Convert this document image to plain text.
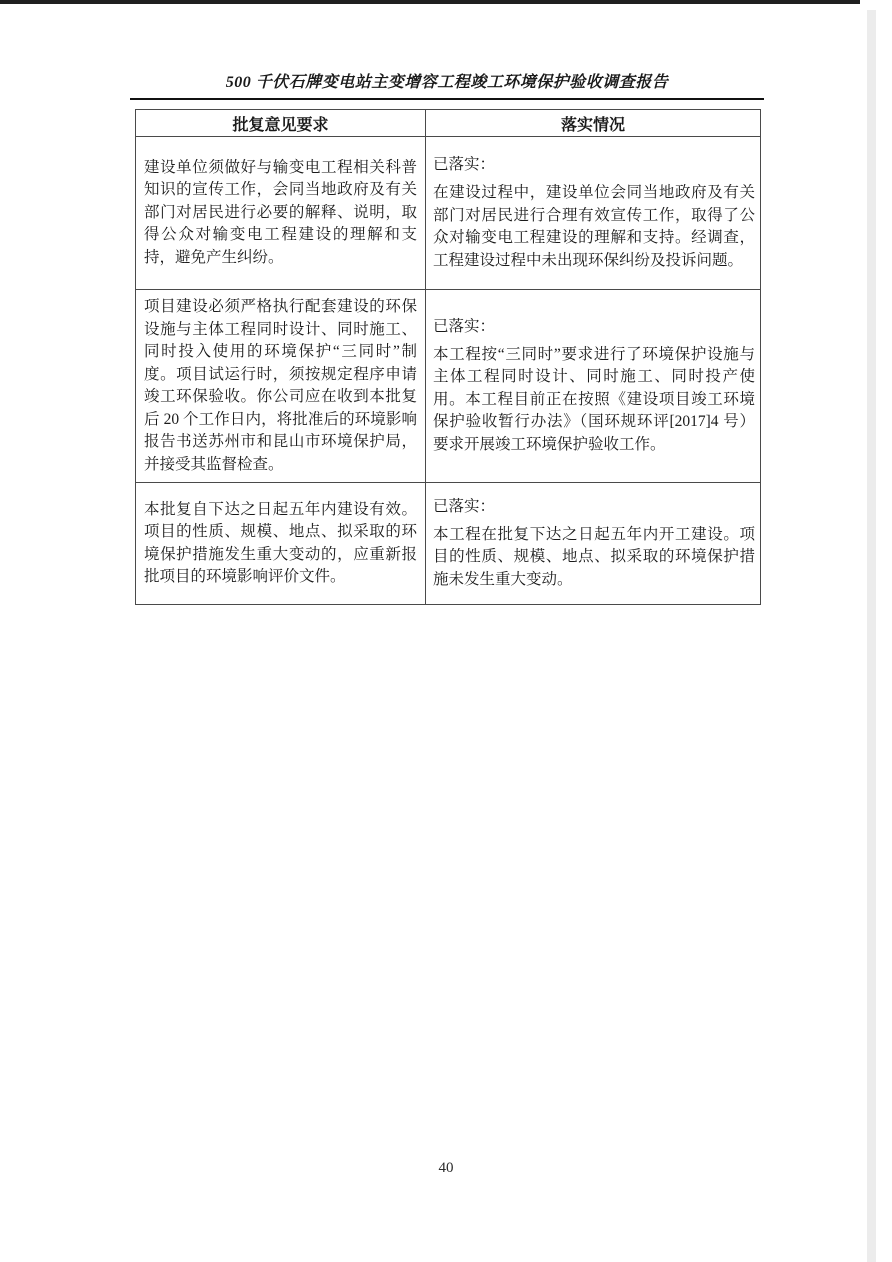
500 千伏石牌变电站主变增容工程竣工环境保护验收调查报告
批复意见要求	落实情况
建设单位须做好与输变电工程相关科普知识的宣传工作，会同当地政府及有关部门对居民进行必要的解释、说明，取得公众对输变电工程建设的理解和支持，避免产生纠纷。	已落实：
在建设过程中，建设单位会同当地政府及有关部门对居民进行合理有效宣传工作，取得了公众对输变电工程建设的理解和支持。经调查，工程建设过程中未出现环保纠纷及投诉问题。

项目建设必须严格执行配套建设的环保设施与主体工程同时设计、同时施工、同时投入使用的环境保护“三同时”制度。项目试运行时，须按规定程序申请竣工环保验收。你公司应在收到本批复后 20 个工作日内，将批准后的环境影响报告书送苏州市和昆山市环境保护局，并接受其监督检查。	已落实：
本工程按“三同时”要求进行了环境保护设施与主体工程同时设计、同时施工、同时投产使用。本工程目前正在按照《建设项目竣工环境保护验收暂行办法》（国环规环评[2017]4 号）要求开展竣工环境保护验收工作。

本批复自下达之日起五年内建设有效。项目的性质、规模、地点、拟采取的环境保护措施发生重大变动的，应重新报批项目的环境影响评价文件。	已落实：
本工程在批复下达之日起五年内开工建设。项目的性质、规模、地点、拟采取的环境保护措施未发生重大变动。
40
